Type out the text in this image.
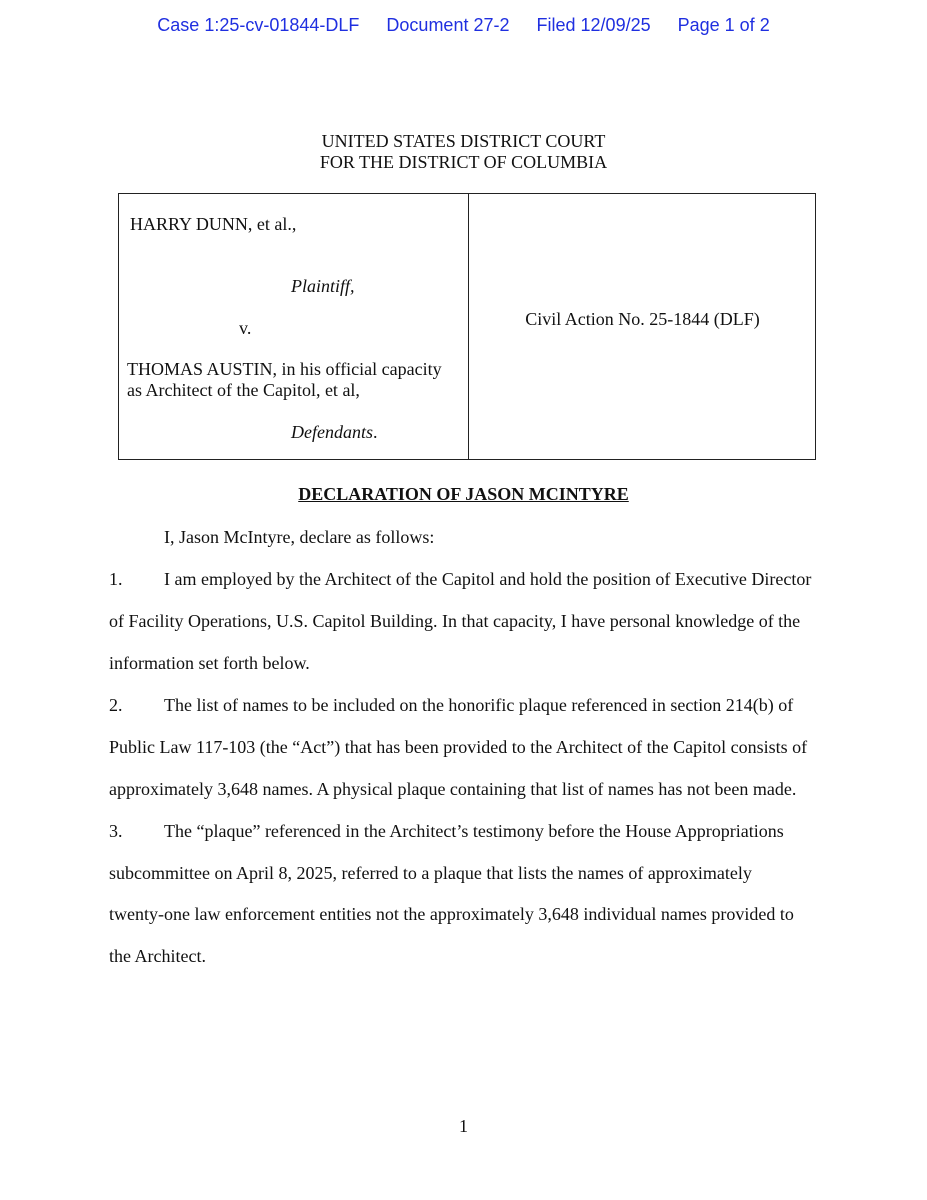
Case 1:25-cv-01844-DLF Document 27-2 Filed 12/09/25 Page 1 of 2
UNITED STATES DISTRICT COURT
FOR THE DISTRICT OF COLUMBIA
HARRY DUNN, et al.,
Plaintiff,
v.
THOMAS AUSTIN, in his official capacity
as Architect of the Capitol, et al,
Defendants.
Civil Action No. 25-1844 (DLF)
DECLARATION OF JASON MCINTYRE
I, Jason McIntyre, declare as follows:
1. I am employed by the Architect of the Capitol and hold the position of Executive Director
of Facility Operations, U.S. Capitol Building. In that capacity, I have personal knowledge of the
information set forth below.
2. The list of names to be included on the honorific plaque referenced in section 214(b) of
Public Law 117-103 (the “Act”) that has been provided to the Architect of the Capitol consists of
approximately 3,648 names. A physical plaque containing that list of names has not been made.
3. The “plaque” referenced in the Architect’s testimony before the House Appropriations
subcommittee on April 8, 2025, referred to a plaque that lists the names of approximately
twenty-one law enforcement entities not the approximately 3,648 individual names provided to
the Architect.
1
